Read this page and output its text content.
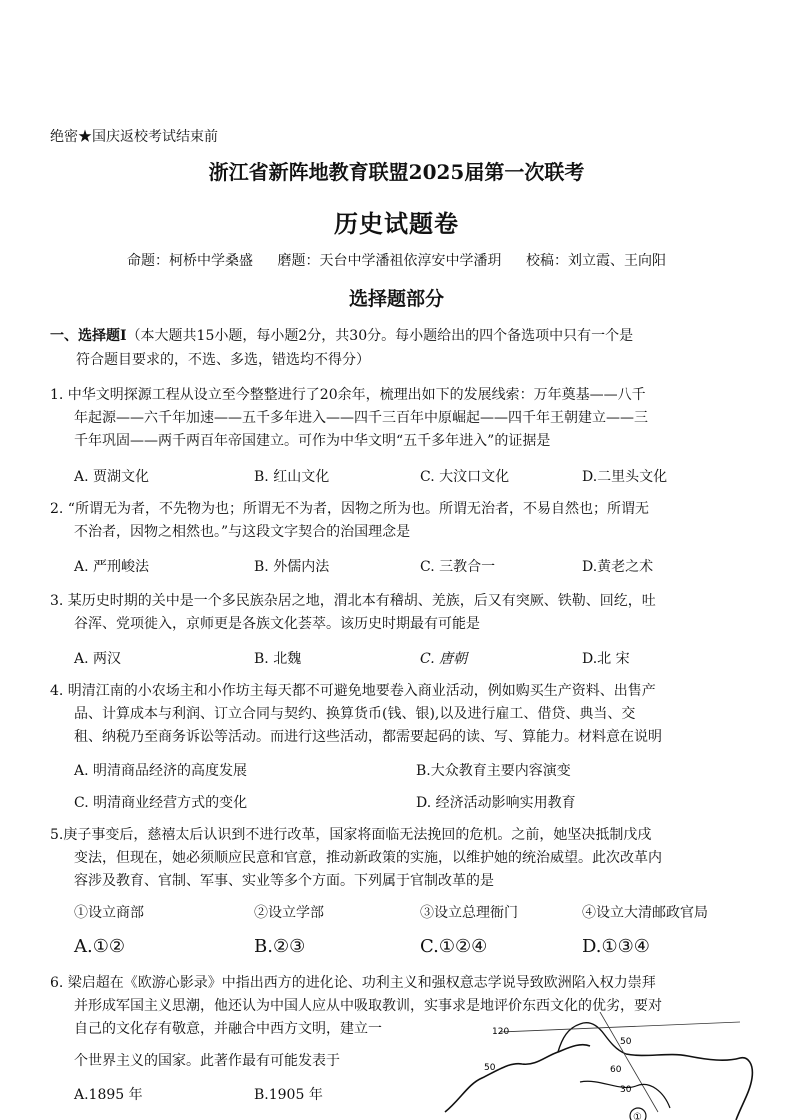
绝密★国庆返校考试结束前
浙江省新阵地教育联盟2025届第一次联考
历史试题卷
命题：柯桥中学桑盛 磨题：天台中学潘祖依淳安中学潘玥 校稿：刘立霞、王向阳
选择题部分
一、选择题Ⅰ（本大题共15小题，每小题2分，共30分。每小题给出的四个备选项中只有一个是
符合题目要求的，不选、多选，错选均不得分）
1. 中华文明探源工程从设立至今整整进行了20余年，梳理出如下的发展线索：万年奠基——八千
年起源——六千年加速——五千多年进入——四千三百年中原崛起——四千年王朝建立——三
千年巩固——两千两百年帝国建立。可作为中华文明“五千多年进入”的证据是
A. 贾湖文化	B. 红山文化	C. 大汶口文化	D.二里头文化
2. “所谓无为者，不先物为也；所谓无不为者，因物之所为也。所谓无治者，不易自然也；所谓无
不治者，因物之相然也。”与这段文字契合的治国理念是
A. 严刑峻法	B. 外儒内法	C. 三教合一	D.黄老之术
3. 某历史时期的关中是一个多民族杂居之地，渭北本有稽胡、羌族，后又有突厥、铁勒、回纥，吐
谷浑、党项徙入，京师更是各族文化荟萃。该历史时期最有可能是
A. 两汉	B. 北魏	C. 唐朝	D.北 宋
4. 明清江南的小农场主和小作坊主每天都不可避免地要卷入商业活动，例如购买生产资料、出售产
品、计算成本与利润、订立合同与契约、换算货币(钱、银),以及进行雇工、借贷、典当、交
租、纳税乃至商务诉讼等活动。而进行这些活动，都需要起码的读、写、算能力。材料意在说明
A. 明清商品经济的高度发展	B.大众教育主要内容演变
C. 明清商业经营方式的变化	D. 经济活动影响实用教育
5.庚子事变后，慈禧太后认识到不进行改革，国家将面临无法挽回的危机。之前，她坚决抵制戊戌
变法，但现在，她必须顺应民意和官意，推动新政策的实施，以维护她的统治威望。此次改革内
容涉及教育、官制、军事、实业等多个方面。下列属于官制改革的是
①设立商部	②设立学部	③设立总理衙门	④设立大清邮政官局
A.①②	B.②③	C.①②④	D.①③④
6. 梁启超在《欧游心影录》中指出西方的进化论、功利主义和强权意志学说导致欧洲陷入权力崇拜
并形成军国主义思潮，他还认为中国人应从中吸取教训，实事求是地评价东西文化的优劣，要对
自己的文化存有敬意，并融合中西方文明，建立一
个世界主义的国家。此著作最有可能发表于
A.1895 年	B.1905 年
120
50
60
50
30
①
